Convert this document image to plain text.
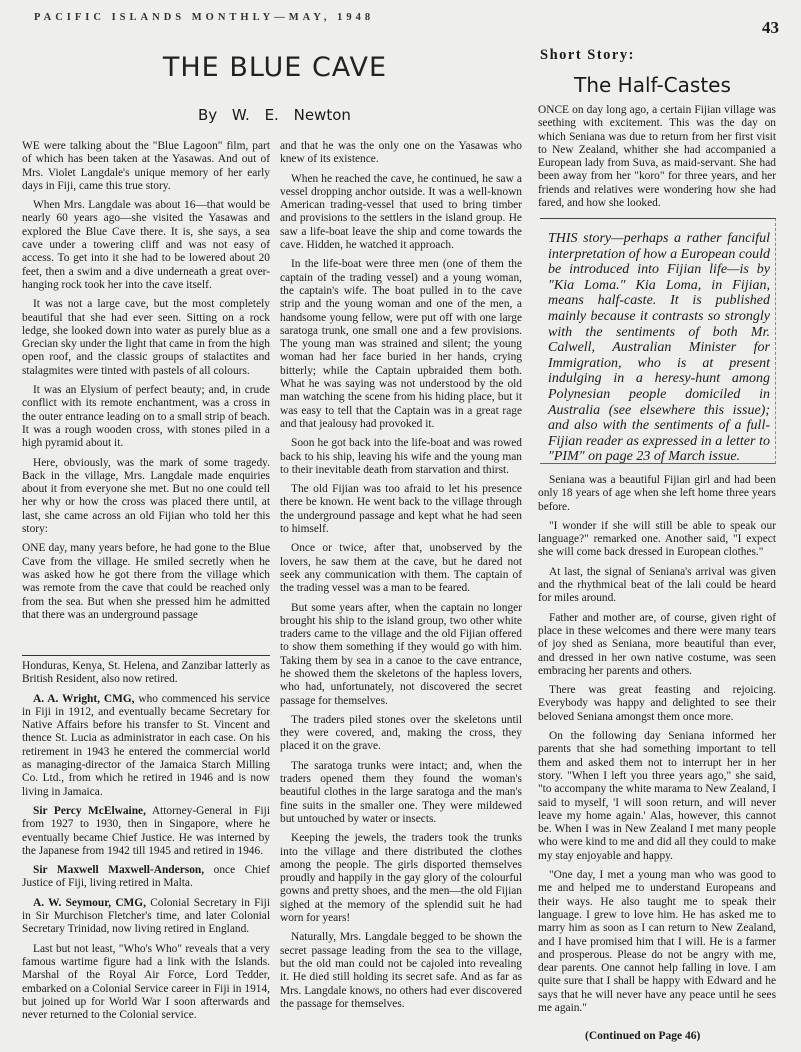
PACIFIC ISLANDS MONTHLY—MAY, 1948
43
THE BLUE CAVE
By W. E. Newton
Short Story:
The Half-Castes

WE were talking about the "Blue Lagoon" film, part of which has been taken at the Yasawas. And out of Mrs. Violet Langdale's unique memory of her early days in Fiji, came this true story.

When Mrs. Langdale was about 16—that would be nearly 60 years ago—she visited the Yasawas and explored the Blue Cave there. It is, she says, a sea cave under a towering cliff and was not easy of access. To get into it she had to be lowered about 20 feet, then a swim and a dive underneath a great over-hanging rock took her into the cave itself.

It was not a large cave, but the most completely beautiful that she had ever seen. Sitting on a rock ledge, she looked down into water as purely blue as a Grecian sky under the light that came in from the high open roof, and the classic groups of stalactites and stalagmites were tinted with pastels of all colours.

It was an Elysium of perfect beauty; and, in crude conflict with its remote enchantment, was a cross in the outer entrance leading on to a small strip of beach. It was a rough wooden cross, with stones piled in a high pyramid about it.

Here, obviously, was the mark of some tragedy. Back in the village, Mrs. Langdale made enquiries about it from everyone she met. But no one could tell her why or how the cross was placed there until, at last, she came across an old Fijian who told her this story:

ONE day, many years before, he had gone to the Blue Cave from the village. He smiled secretly when he was asked how he got there from the village which was remote from the cave that could be reached only from the sea. But when she pressed him he admitted that there was an underground passage

Honduras, Kenya, St. Helena, and Zanzibar latterly as British Resident, also now retired.

A. A. Wright, CMG, who commenced his service in Fiji in 1912, and eventually became Secretary for Native Affairs before his transfer to St. Vincent and thence St. Lucia as administrator in each case. On his retirement in 1943 he entered the commercial world as managing-director of the Jamaica Starch Milling Co. Ltd., from which he retired in 1946 and is now living in Jamaica.

Sir Percy McElwaine, Attorney-General in Fiji from 1927 to 1930, then in Singapore, where he eventually became Chief Justice. He was interned by the Japanese from 1942 till 1945 and retired in 1946.

Sir Maxwell Maxwell-Anderson, once Chief Justice of Fiji, living retired in Malta.

A. W. Seymour, CMG, Colonial Secretary in Fiji in Sir Murchison Fletcher's time, and later Colonial Secretary Trinidad, now living retired in England.

Last but not least, "Who's Who" reveals that a very famous wartime figure had a link with the Islands. Marshal of the Royal Air Force, Lord Tedder, embarked on a Colonial Service career in Fiji in 1914, but joined up for World War I soon afterwards and never returned to the Colonial service.

and that he was the only one on the Yasawas who knew of its existence.

When he reached the cave, he continued, he saw a vessel dropping anchor outside. It was a well-known American trading-vessel that used to bring timber and provisions to the settlers in the island group. He saw a life-boat leave the ship and come towards the cave. Hidden, he watched it approach.

In the life-boat were three men (one of them the captain of the trading vessel) and a young woman, the captain's wife. The boat pulled in to the cave strip and the young woman and one of the men, a handsome young fellow, were put off with one large saratoga trunk, one small one and a few provisions. The young man was strained and silent; the young woman had her face buried in her hands, crying bitterly; while the Captain upbraided them both. What he was saying was not understood by the old man watching the scene from his hiding place, but it was easy to tell that the Captain was in a great rage and that jealousy had provoked it.

Soon he got back into the life-boat and was rowed back to his ship, leaving his wife and the young man to their inevitable death from starvation and thirst.

The old Fijian was too afraid to let his presence there be known. He went back to the village through the underground passage and kept what he had seen to himself.

Once or twice, after that, unobserved by the lovers, he saw them at the cave, but he dared not seek any communication with them. The captain of the trading vessel was a man to be feared.

But some years after, when the captain no longer brought his ship to the island group, two other white traders came to the village and the old Fijian offered to show them something if they would go with him. Taking them by sea in a canoe to the cave entrance, he showed them the skeletons of the hapless lovers, who had, unfortunately, not discovered the secret passage for themselves.

The traders piled stones over the skeletons until they were covered, and, making the cross, they placed it on the grave.

The saratoga trunks were intact; and, when the traders opened them they found the woman's beautiful clothes in the large saratoga and the man's fine suits in the smaller one. They were mildewed but untouched by water or insects.

Keeping the jewels, the traders took the trunks into the village and there distributed the clothes among the people. The girls disported themselves proudly and happily in the gay glory of the colourful gowns and pretty shoes, and the men—the old Fijian sighed at the memory of the splendid suit he had worn for years!

Naturally, Mrs. Langdale begged to be shown the secret passage leading from the sea to the village, but the old man could not be cajoled into revealing it. He died still holding its secret safe. And as far as Mrs. Langdale knows, no others had ever discovered the passage for themselves.

ONCE on day long ago, a certain Fijian village was seething with excitement. This was the day on which Seniana was due to return from her first visit to New Zealand, whither she had accompanied a European lady from Suva, as maid-servant. She had been away from her "koro" for three years, and her friends and relatives were wondering how she had fared, and how she looked.

THIS story—perhaps a rather fanciful interpretation of how a European could be introduced into Fijian life—is by "Kia Loma." Kia Loma, in Fijian, means half-caste. It is published mainly because it contrasts so strongly with the sentiments of both Mr. Calwell, Australian Minister for Immigration, who is at present indulging in a heresy-hunt among Polynesian people domiciled in Australia (see elsewhere this issue); and also with the sentiments of a full-Fijian reader as expressed in a letter to "PIM" on page 23 of March issue.

Seniana was a beautiful Fijian girl and had been only 18 years of age when she left home three years before.

"I wonder if she will still be able to speak our language?" remarked one. Another said, "I expect she will come back dressed in European clothes."

At last, the signal of Seniana's arrival was given and the rhythmical beat of the lali could be heard for miles around.

Father and mother are, of course, given right of place in these welcomes and there were many tears of joy shed as Seniana, more beautiful than ever, and dressed in her own native costume, was seen embracing her parents and others.

There was great feasting and rejoicing. Everybody was happy and delighted to see their beloved Seniana amongst them once more.

On the following day Seniana informed her parents that she had something important to tell them and asked them not to interrupt her in her story. "When I left you three years ago," she said, "to accompany the white marama to New Zealand, I said to myself, 'I will soon return, and will never leave my home again.' Alas, however, this cannot be. When I was in New Zealand I met many people who were kind to me and did all they could to make my stay enjoyable and happy.

"One day, I met a young man who was good to me and helped me to understand Europeans and their ways. He also taught me to speak their language. I grew to love him. He has asked me to marry him as soon as I can return to New Zealand, and I have promised him that I will. He is a farmer and prosperous. Please do not be angry with me, dear parents. One cannot help falling in love. I am quite sure that I shall be happy with Edward and he says that he will never have any peace until he sees me again."

(Continued on Page 46)
